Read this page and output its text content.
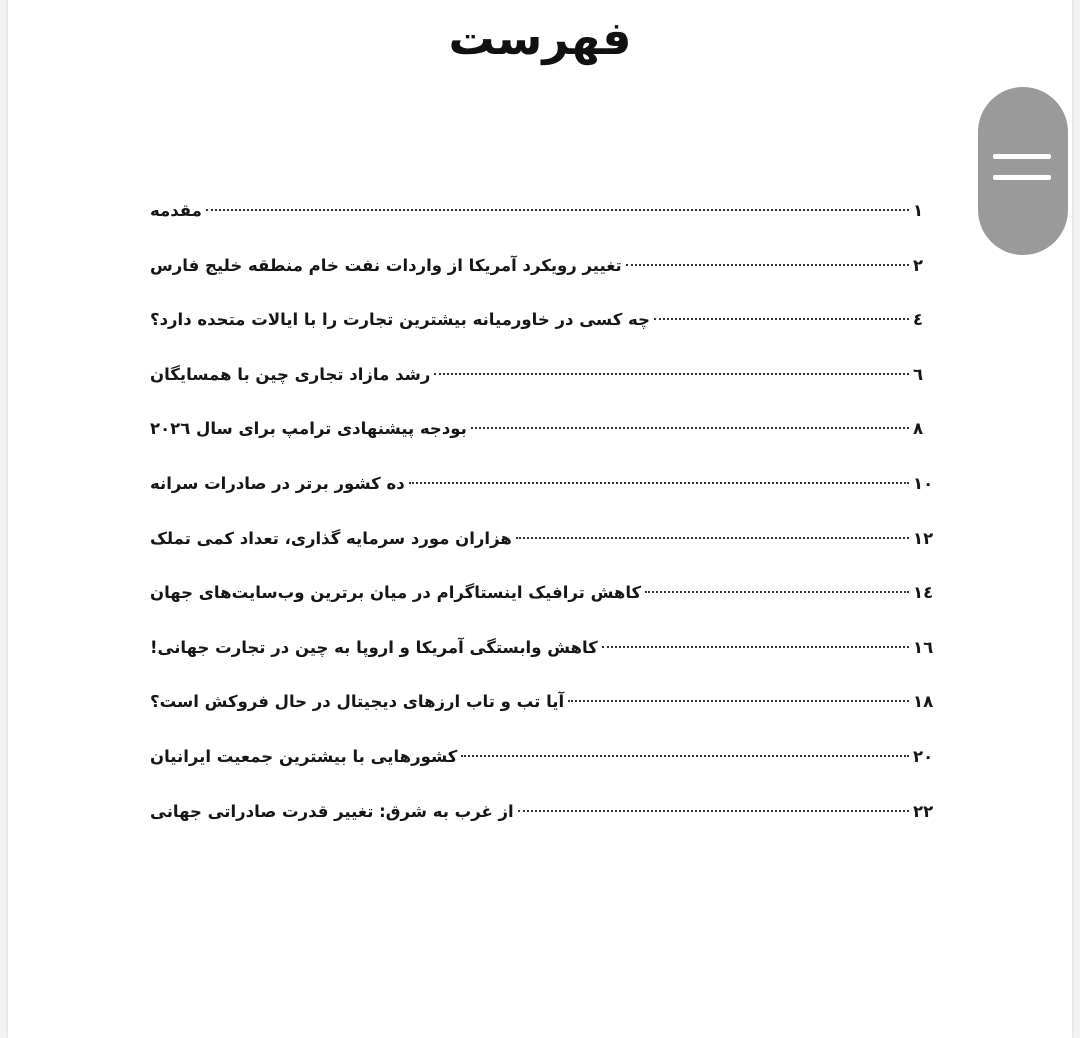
فهرست
مقدمه	۱
تغییر رویکرد آمریکا از واردات نفت خام منطقه خلیج فارس	۲
چه کسی در خاورمیانه بیشترین تجارت را با ایالات متحده دارد؟	٤
رشد مازاد تجاری چین با همسایگان	٦
بودجه پیشنهادی ترامپ برای سال ۲۰۲٦	۸
ده کشور برتر در صادرات سرانه	۱۰
هزاران مورد سرمایه گذاری، تعداد کمی تملک	۱۲
کاهش ترافیک اینستاگرام در میان برترین وب‌سایت‌های جهان	۱٤
کاهش وابستگی آمریکا و اروپا به چین در تجارت جهانی!	۱٦
آیا تب و تاب ارزهای دیجیتال در حال فروکش است؟	۱۸
کشورهایی با بیشترین جمعیت ایرانیان	۲۰
از غرب به شرق: تغییر قدرت صادراتی جهانی	۲۲
